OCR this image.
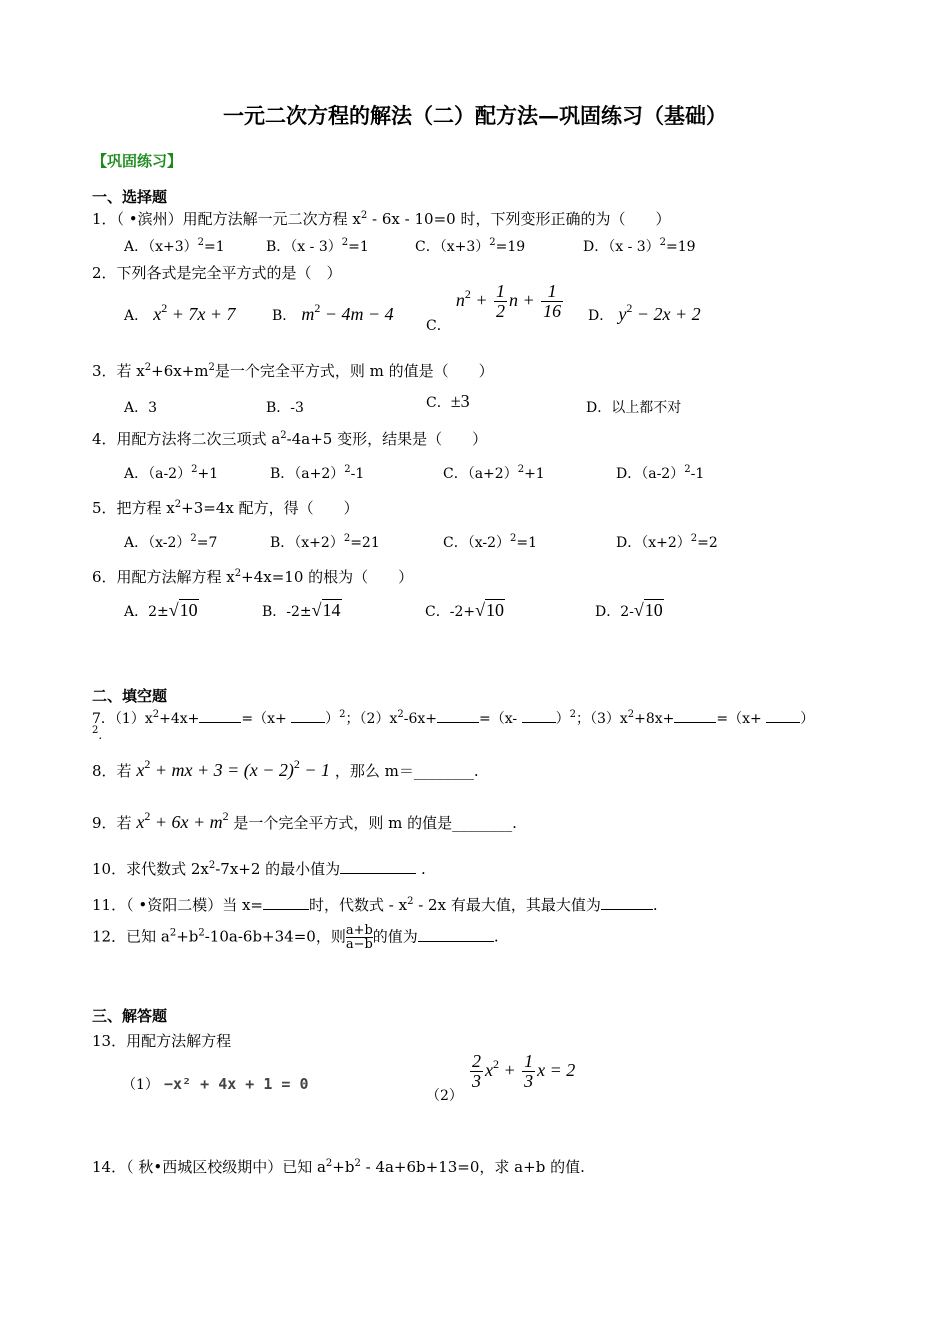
一元二次方程的解法（二）配方法—巩固练习（基础）
【巩固练习】
一、选择题
1．（ •滨州）用配方法解一元二次方程 $x^2 - 6x - 10=0$ 时，下列变形正确的为（　　）
A．$(x+3)^2=1$	B．（x - 3）$^2$=1	C．$(x+3)^2=19$	D．（x - 3）$^2$=19
2．下列各式是完全平方式的是（　）
A． $x^2 + 7x + 7$	B． $m^2 - 4m - 4$
C． $n^2 + \frac{1}{2}$ $n + \frac{1}{16}$ D． $y^2 - 2x + 2$
3．若 $x^2+6x+m^2$是一个完全平方式，则 m 的值是（　　）
A．3	B．-3	C．±3	D．以上都不对
4．用配方法将二次三项式 $a^2-4a+5$ 变形，结果是（　　）
A．$(a-2)^2+1$	B．$(a+2)^2-1$	C．$(a+2)^2+1$	D．$(a-2)^2-1$
5．把方程 $x^2+3=4x$ 配方，得（　　）
A．$(x-2)^2=7$	B．$(x+2)^2=21$	C．$(x-2)^2=1$	D．$(x+2)^2=2$
6．用配方法解方程 $x^2+4x=10$ 的根为（　　）
A．2±√10	B．-2±√14	C．-2+√10	D．2-√10
二、填空题
7．$(1)x^2+4x+$	=（x+	）$^2$；$(2)x^2-6x+$	=（x-	）$^2$；$(3)x^2+8x+$	=（x+	）
$^2$.
8．若 $x^2$ + mx + $3 = (x - 2)^2 - 1$ ，那么 m＝________.
9．若 $x^2 + 6x + m^2$ 是一个完全平方式，则 m 的值是________.
10．求代数式 $2x^2-7x+2$ 的最小值为	.
11．（ •资阳二模）当 x=	时，代数式 - $x^2 - 2x$ 有最大值，其最大值为	.
12．已知 $a^2+b^2-10a-6b+34=0$，则 $\frac{a+b}{a-b}$ 的值为	.
三、解答题
13．用配方法解方程
（1） −x² + 4x + 1 = 0
（2）
$\frac{2}{3} x^2 + \frac{1}{3}$ x = 2
14．（ 秋•西城区校级期中）已知 $a^2+b^2 - 4a+6b+13=0$，求 a+b 的值.
